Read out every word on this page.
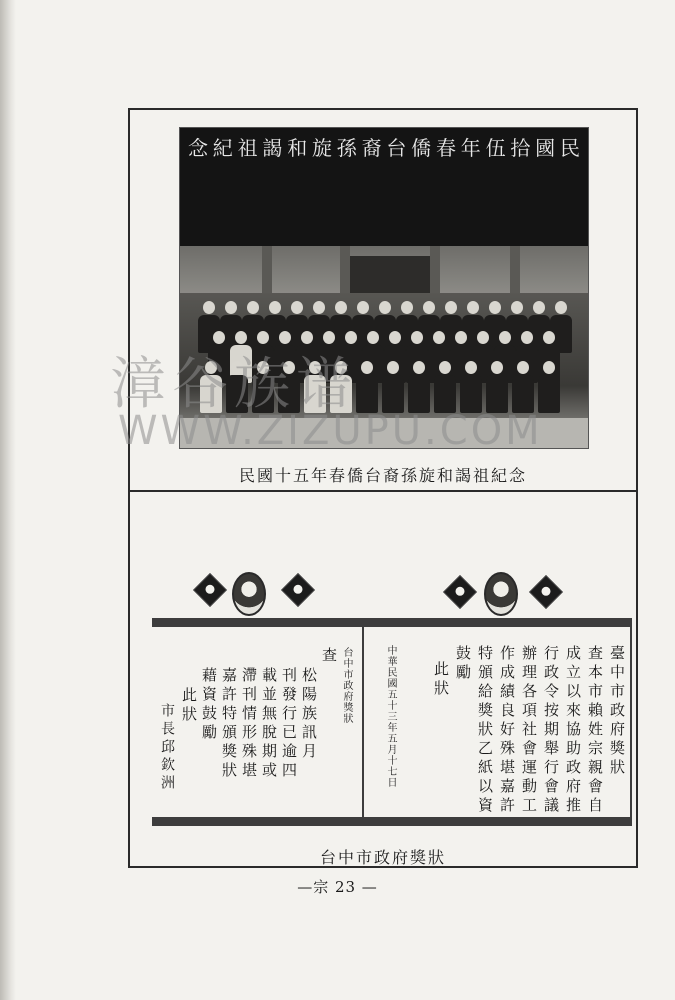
民
國
拾
伍
年
春
僑
台
裔
孫
旋
和
謁
祖
紀
念
民國十五年春僑台裔孫旋和謁祖紀念
漳谷族谱
WWW.ZIZUPU.COM
台中市政府獎狀
查
松陽族訊月
刊發行已逾四
載並無脫期或
滯刊情形殊堪
嘉許特頒獎狀
藉資鼓勵
此狀
市長邱欽洲	臺中市政府獎狀
查本市賴姓宗親會自
成立以來協助政府推
行政令按期舉行會議
辦理各項社會運動工
作成績良好殊堪嘉許
特頒給獎狀乙紙以資
鼓勵
此狀
中華民國五十三年五月十七日
台中市政府獎狀
—宗 23 —
